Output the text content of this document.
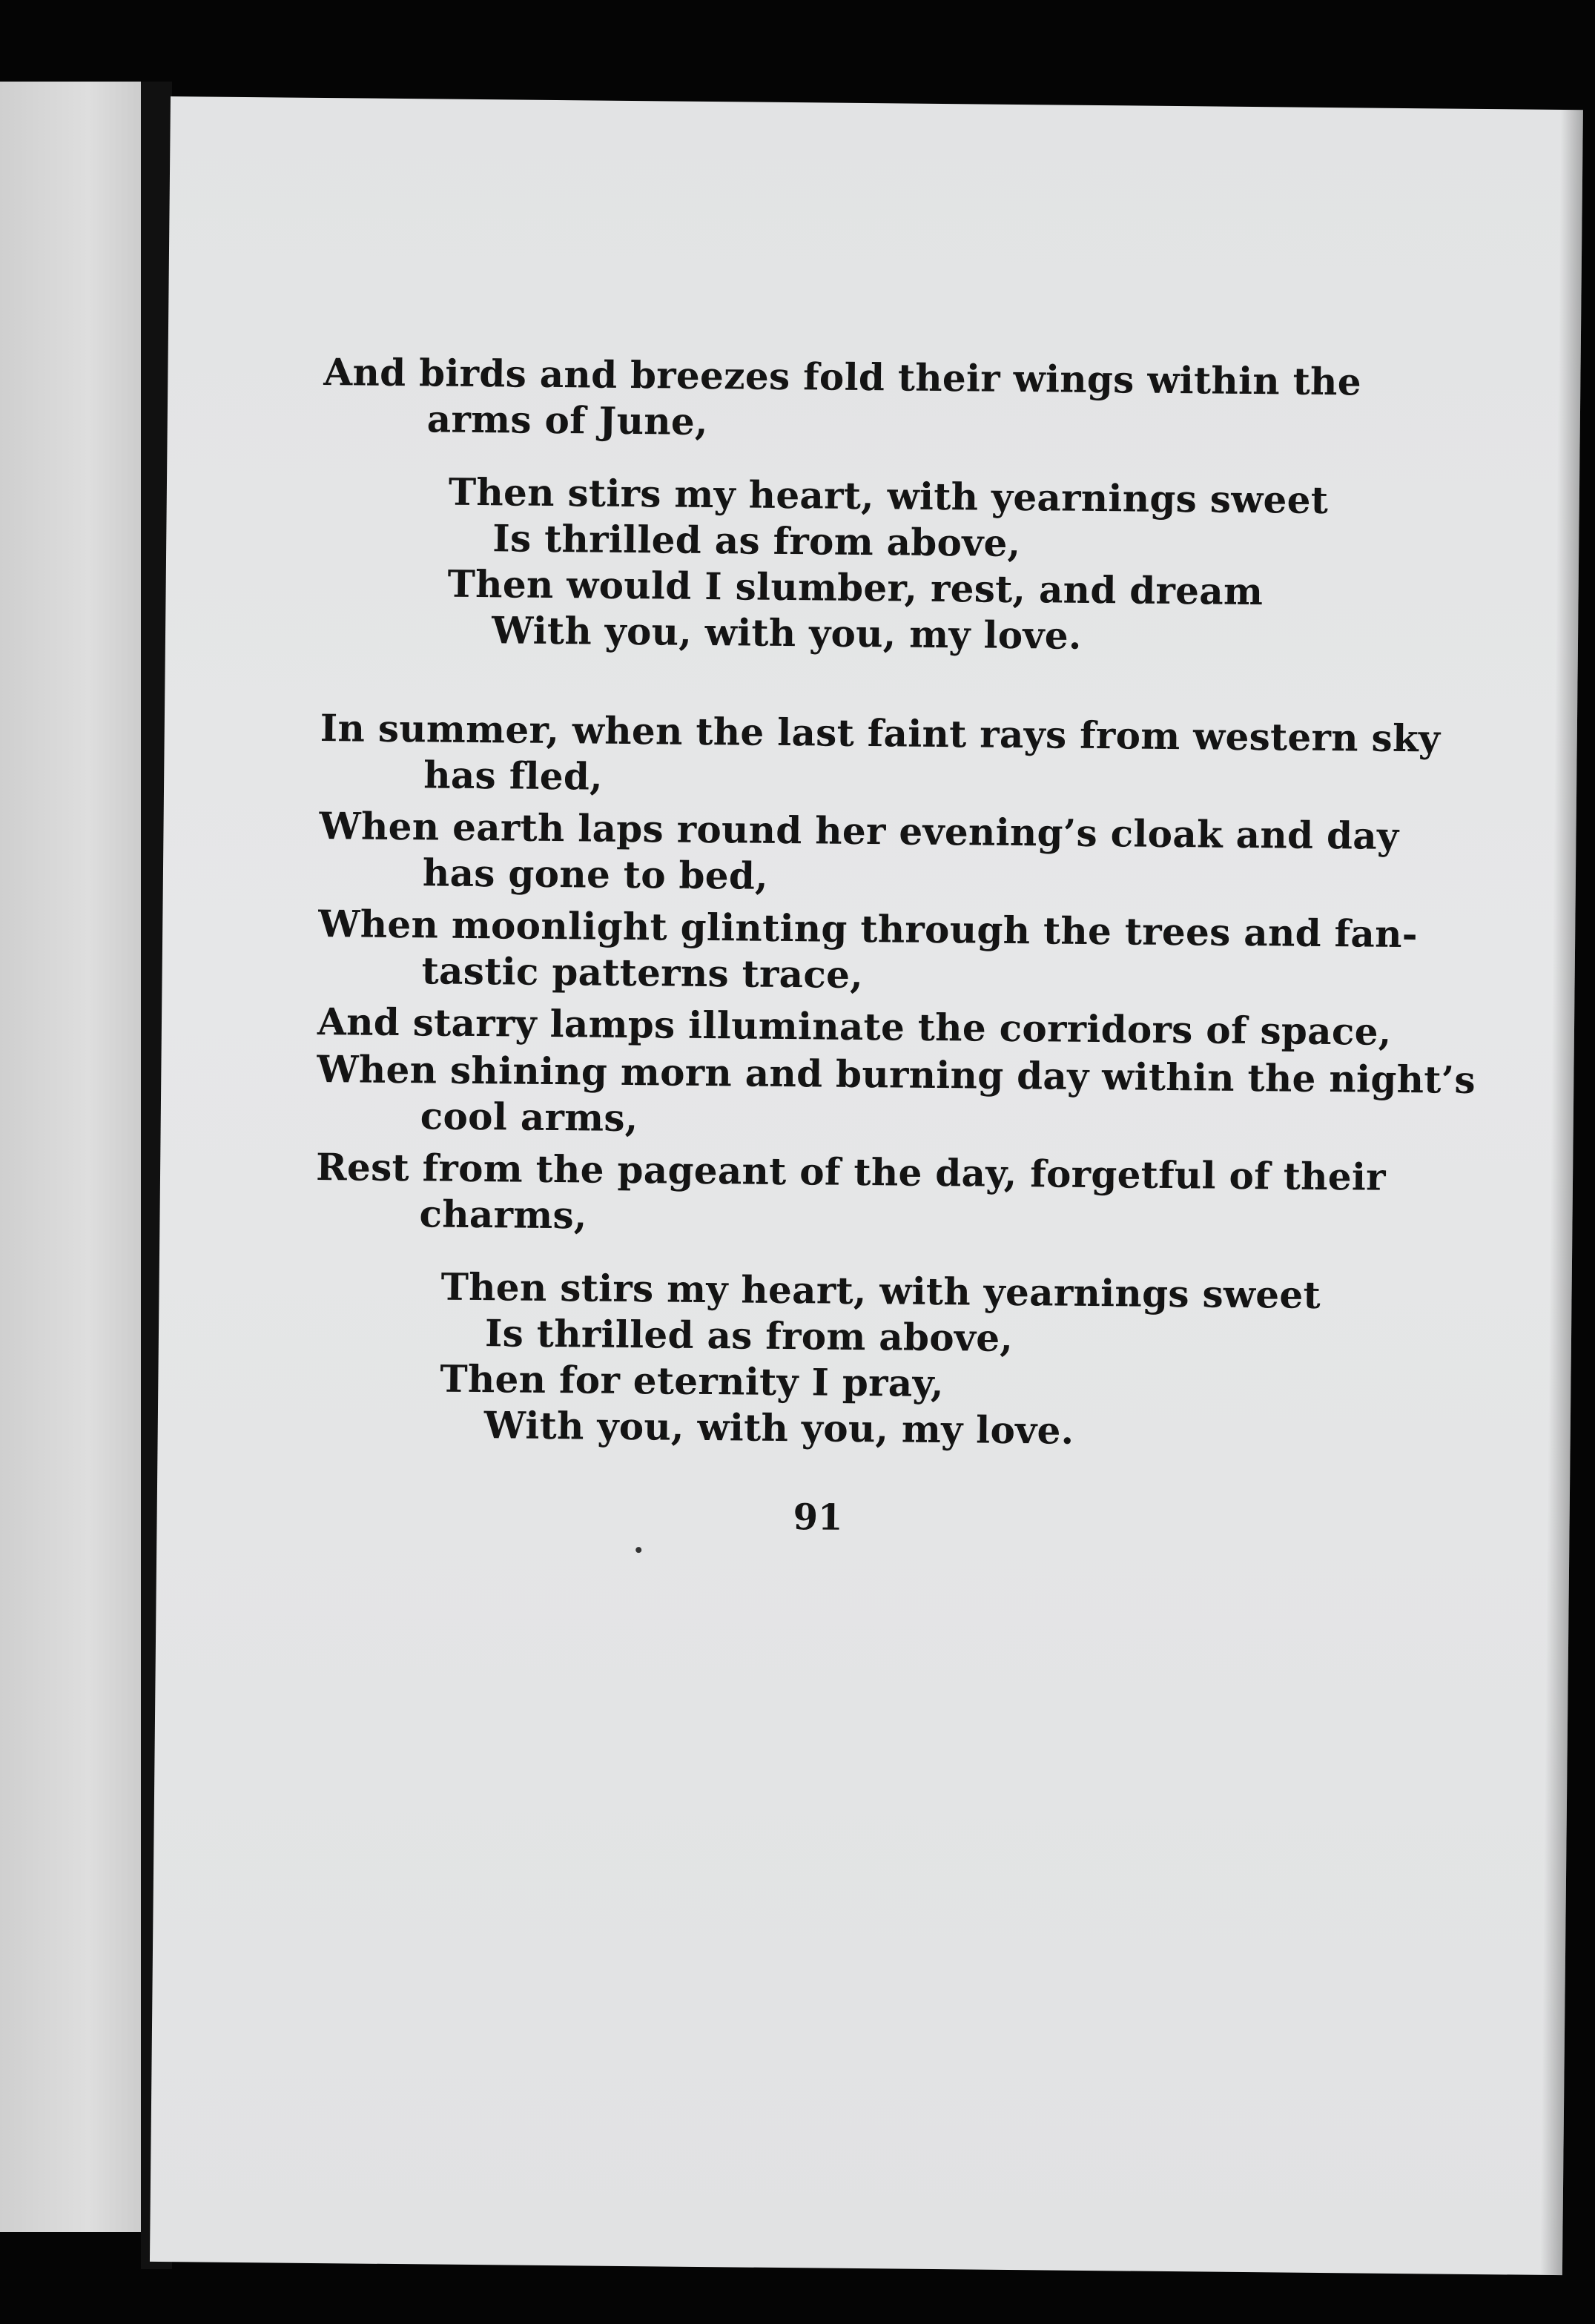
And birds and breezes fold their wings within the
arms of June,
Then stirs my heart, with yearnings sweet
Is thrilled as from above,
Then would I slumber, rest, and dream
With you, with you, my love.
In summer, when the last faint rays from western sky
has fled,
When earth laps round her evening’s cloak and day
has gone to bed,
When moonlight glinting through the trees and fan-
tastic patterns trace,
And starry lamps illuminate the corridors of space,
When shining morn and burning day within the night’s
cool arms,
Rest from the pageant of the day, forgetful of their
charms,
Then stirs my heart, with yearnings sweet
Is thrilled as from above,
Then for eternity I pray,
With you, with you, my love.
91
